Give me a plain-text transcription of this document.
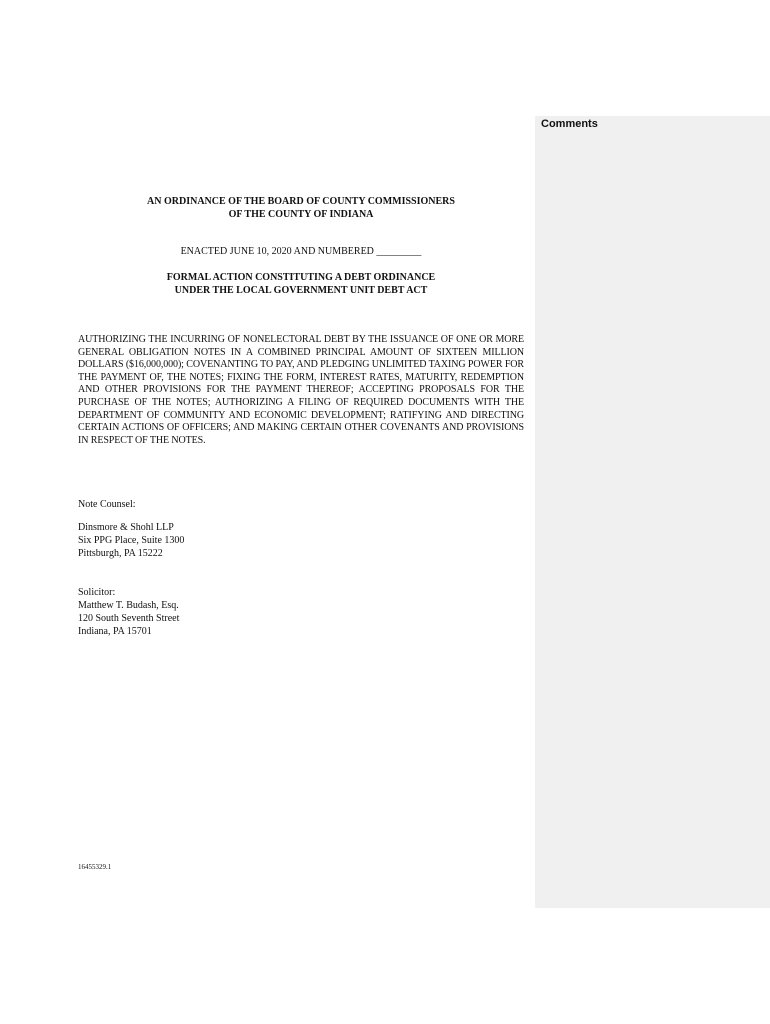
Comments
AN ORDINANCE OF THE BOARD OF COUNTY COMMISSIONERS
OF THE COUNTY OF INDIANA
ENACTED JUNE 10, 2020 AND NUMBERED _________
FORMAL ACTION CONSTITUTING A DEBT ORDINANCE
UNDER THE LOCAL GOVERNMENT UNIT DEBT ACT
AUTHORIZING THE INCURRING OF NONELECTORAL DEBT BY THE ISSUANCE OF ONE OR MORE GENERAL OBLIGATION NOTES IN A COMBINED PRINCIPAL AMOUNT OF SIXTEEN MILLION DOLLARS ($16,000,000); COVENANTING TO PAY, AND PLEDGING UNLIMITED TAXING POWER FOR THE PAYMENT OF, THE NOTES; FIXING THE FORM, INTEREST RATES, MATURITY, REDEMPTION AND OTHER PROVISIONS FOR THE PAYMENT THEREOF; ACCEPTING PROPOSALS FOR THE PURCHASE OF THE NOTES; AUTHORIZING A FILING OF REQUIRED DOCUMENTS WITH THE DEPARTMENT OF COMMUNITY AND ECONOMIC DEVELOPMENT; RATIFYING AND DIRECTING CERTAIN ACTIONS OF OFFICERS; AND MAKING CERTAIN OTHER COVENANTS AND PROVISIONS IN RESPECT OF THE NOTES.
Note Counsel:
Dinsmore & Shohl LLP
Six PPG Place, Suite 1300
Pittsburgh, PA 15222
Solicitor:
Matthew T. Budash, Esq.
120 South Seventh Street
Indiana, PA 15701
16455329.1
